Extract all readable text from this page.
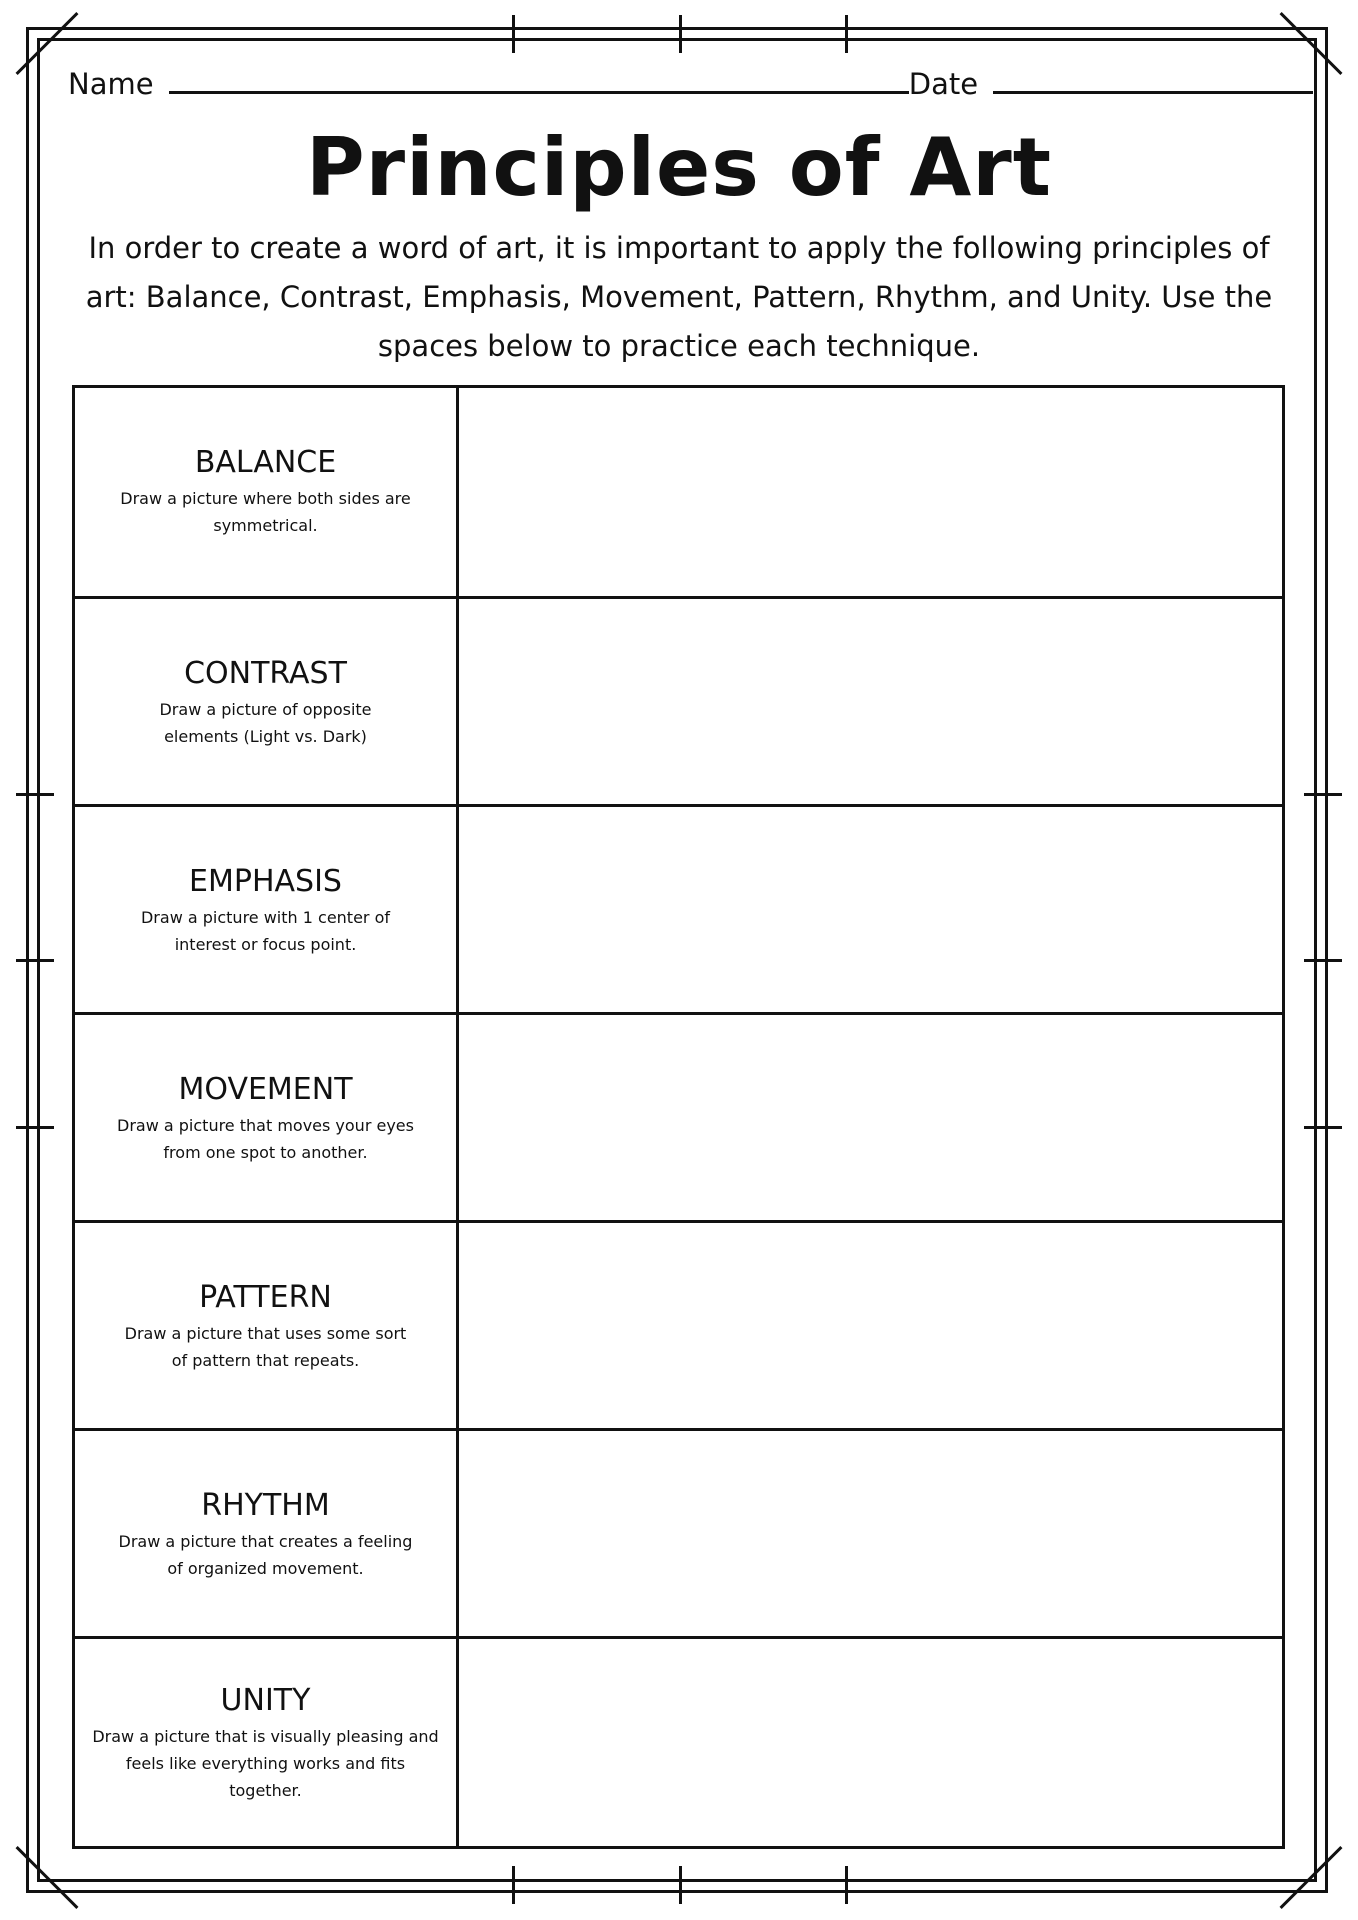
Name	Date
Principles of Art
In order to create a word of art, it is important to apply the following principles of art: Balance, Contrast, Emphasis, Movement, Pattern, Rhythm, and Unity. Use the spaces below to practice each technique.
BALANCE
Draw a picture where both sides are symmetrical.
CONTRAST
Draw a picture of opposite elements (Light vs. Dark)
EMPHASIS
Draw a picture with 1 center of interest or focus point.
MOVEMENT
Draw a picture that moves your eyes from one spot to another.
PATTERN
Draw a picture that uses some sort of pattern that repeats.
RHYTHM
Draw a picture that creates a feeling of organized movement.
UNITY
Draw a picture that is visually pleasing and feels like everything works and fits together.
